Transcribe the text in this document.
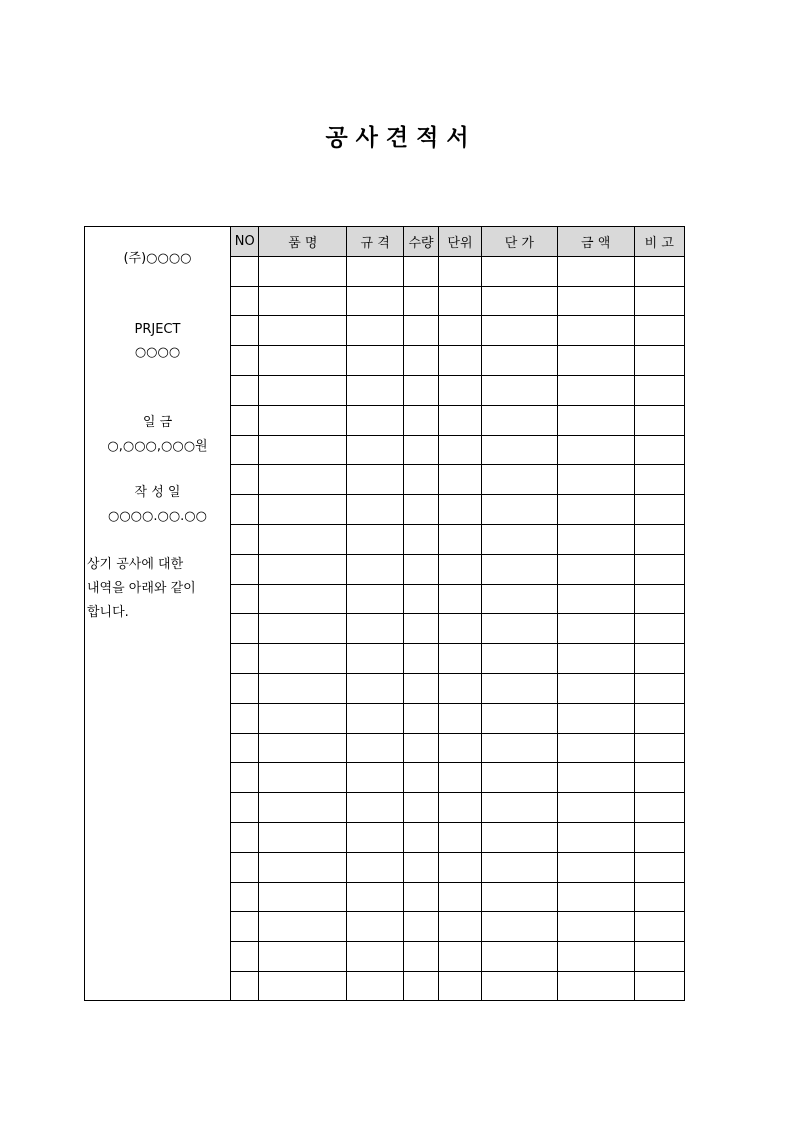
공 사 견 적 서
(주)○○○○
PRJECT
○○○○
일 금
○,○○○,○○○원
작 성 일
○○○○.○○.○○
상기 공사에 대한
내역을 아래와 같이
합니다.
NO	품 명	규 격	수량	단위	단 가	금 액	비 고
